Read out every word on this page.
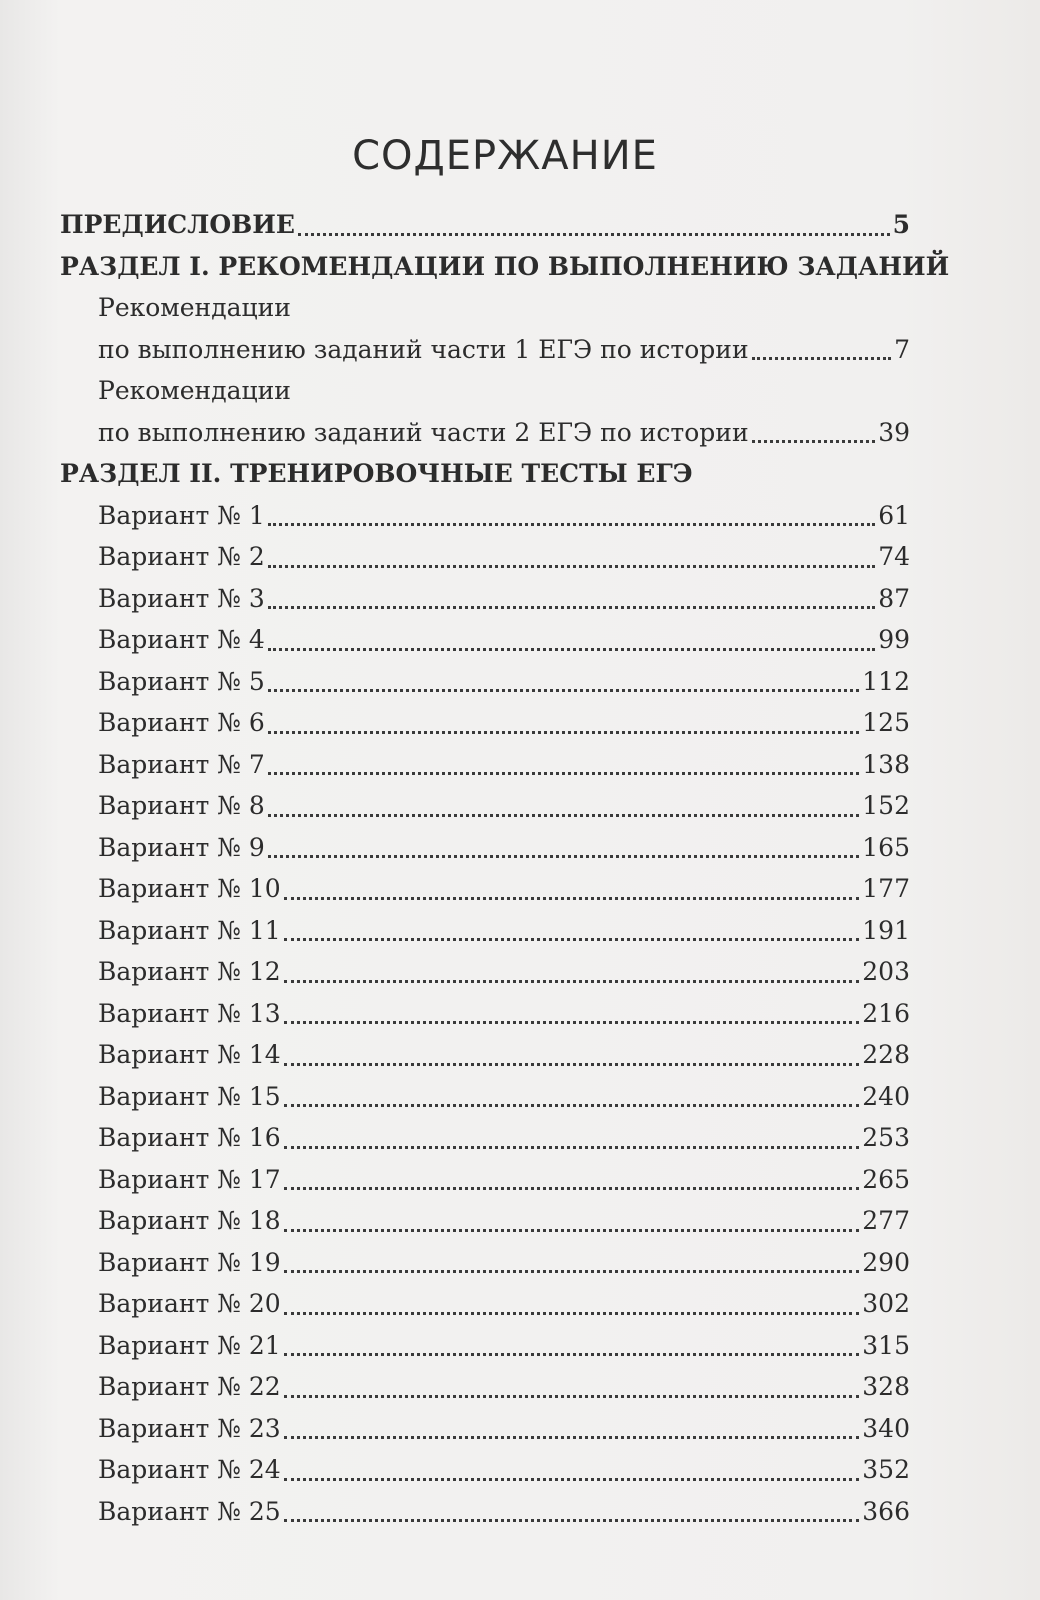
СОДЕРЖАНИЕ
ПРЕДИСЛОВИЕ	5
РАЗДЕЛ I. РЕКОМЕНДАЦИИ ПО ВЫПОЛНЕНИЮ ЗАДАНИЙ
Рекомендации
по выполнению заданий части 1 ЕГЭ по истории	7
Рекомендации
по выполнению заданий части 2 ЕГЭ по истории	39
РАЗДЕЛ II. ТРЕНИРОВОЧНЫЕ ТЕСТЫ ЕГЭ
Вариант № 1	61
Вариант № 2	74
Вариант № 3	87
Вариант № 4	99
Вариант № 5	112
Вариант № 6	125
Вариант № 7	138
Вариант № 8	152
Вариант № 9	165
Вариант № 10	177
Вариант № 11	191
Вариант № 12	203
Вариант № 13	216
Вариант № 14	228
Вариант № 15	240
Вариант № 16	253
Вариант № 17	265
Вариант № 18	277
Вариант № 19	290
Вариант № 20	302
Вариант № 21	315
Вариант № 22	328
Вариант № 23	340
Вариант № 24	352
Вариант № 25	366
